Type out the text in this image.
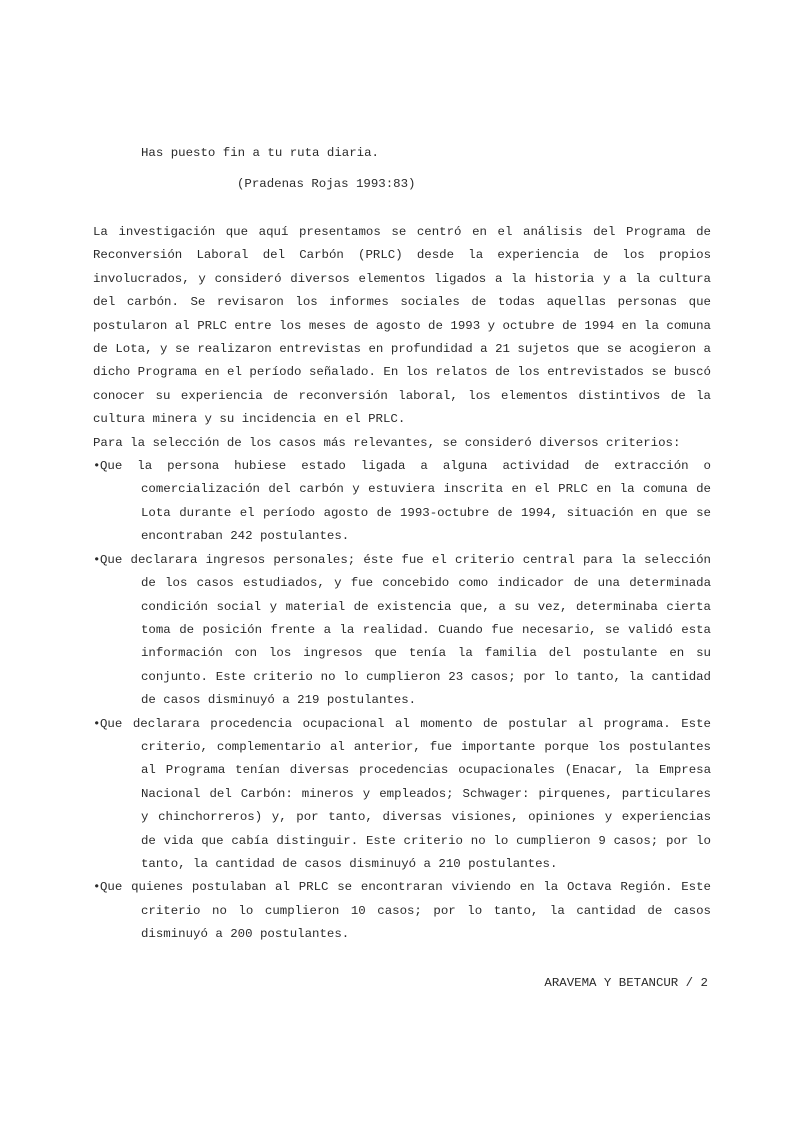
Has puesto fin a tu ruta diaria.
(Pradenas Rojas 1993:83)

La investigación que aquí presentamos se centró en el análisis del Programa de Reconversión Laboral del Carbón (PRLC) desde la experiencia de los propios involucrados, y consideró diversos elementos ligados a la historia y a la cultura del carbón. Se revisaron los informes sociales de todas aquellas personas que postularon al PRLC entre los meses de agosto de 1993 y octubre de 1994 en la comuna de Lota, y se realizaron entrevistas en profundidad a 21 sujetos que se acogieron a dicho Programa en el período señalado. En los relatos de los entrevistados se buscó conocer su experiencia de reconversión laboral, los elementos distintivos de la cultura minera y su incidencia en el PRLC.

Para la selección de los casos más relevantes, se consideró diversos criterios:

•Que la persona hubiese estado ligada a alguna actividad de extracción o comercialización del carbón y estuviera inscrita en el PRLC en la comuna de Lota durante el período agosto de 1993-octubre de 1994, situación en que se encontraban 242 postulantes.
•Que declarara ingresos personales; éste fue el criterio central para la selección de los casos estudiados, y fue concebido como indicador de una determinada condición social y material de existencia que, a su vez, determinaba cierta toma de posición frente a la realidad. Cuando fue necesario, se validó esta información con los ingresos que tenía la familia del postulante en su conjunto. Este criterio no lo cumplieron 23 casos; por lo tanto, la cantidad de casos disminuyó a 219 postulantes.
•Que declarara procedencia ocupacional al momento de postular al programa. Este criterio, complementario al anterior, fue importante porque los postulantes al Programa tenían diversas procedencias ocupacionales (Enacar, la Empresa Nacional del Carbón: mineros y empleados; Schwager: pirquenes, particulares y chinchorreros) y, por tanto, diversas visiones, opiniones y experiencias de vida que cabía distinguir. Este criterio no lo cumplieron 9 casos; por lo tanto, la cantidad de casos disminuyó a 210 postulantes.
•Que quienes postulaban al PRLC se encontraran viviendo en la Octava Región. Este criterio no lo cumplieron 10 casos; por lo tanto, la cantidad de casos disminuyó a 200 postulantes.
ARAVEMA Y BETANCUR / 2
